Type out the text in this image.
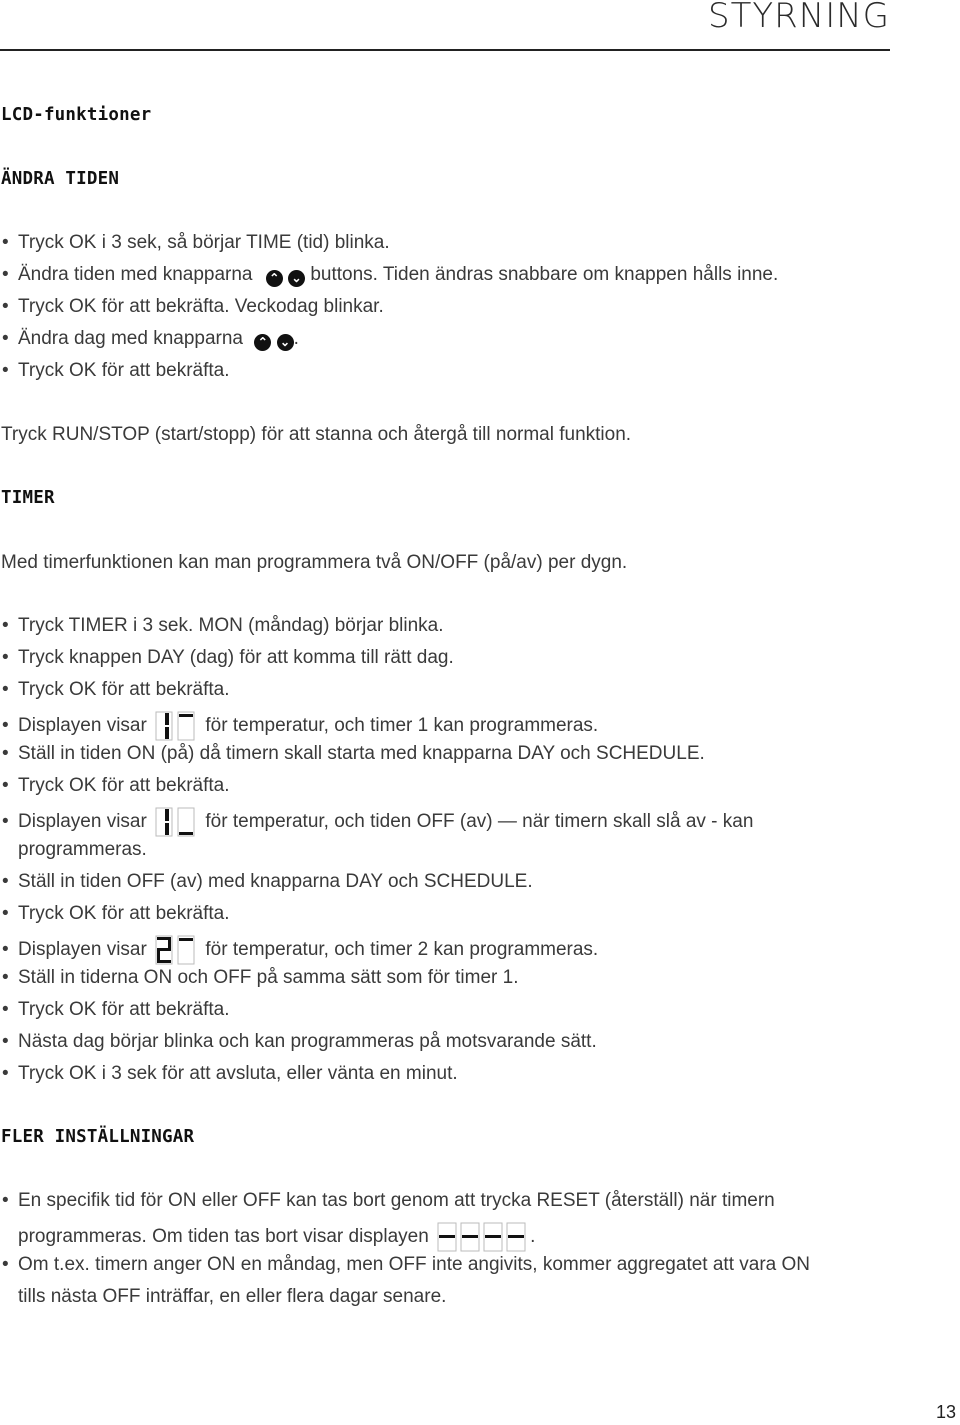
STYRNING
LCD-funktioner
ÄNDRA TIDEN

• Tryck OK i 3 sek, så börjar TIME (tid) blinka.

• Ändra tiden med knapparna ⌃ ⌄ buttons. Tiden ändras snabbare om knappen hålls inne.

• Tryck OK för att bekräfta. Veckodag blinkar.

• Ändra dag med knapparna ⌃ ⌄ .

• Tryck OK för att bekräfta.

Tryck RUN/STOP (start/stopp) för att stanna och återgå till normal funktion.

TIMER

Med timerfunktionen kan man programmera två ON/OFF (på/av) per dygn.

• Tryck TIMER i 3 sek. MON (måndag) börjar blinka.

• Tryck knappen DAY (dag) för att komma till rätt dag.

• Tryck OK för att bekräfta.

• Displayen visar	för temperatur, och timer 1 kan programmeras.

• Ställ in tiden ON (på) då timern skall starta med knapparna DAY och SCHEDULE.

• Tryck OK för att bekräfta.

• Displayen visar	för temperatur, och tiden OFF (av) — när timern skall slå av - kan

programmeras.

• Ställ in tiden OFF (av) med knapparna DAY och SCHEDULE.

• Tryck OK för att bekräfta.

• Displayen visar	för temperatur, och timer 2 kan programmeras.

• Ställ in tiderna ON och OFF på samma sätt som för timer 1.

• Tryck OK för att bekräfta.

• Nästa dag börjar blinka och kan programmeras på motsvarande sätt.

• Tryck OK i 3 sek för att avsluta, eller vänta en minut.

FLER INSTÄLLNINGAR

• En specifik tid för ON eller OFF kan tas bort genom att trycka RESET (återställ) när timern

programmeras. Om tiden tas bort visar displayen	.

• Om t.ex. timern anger ON en måndag, men OFF inte angivits, kommer aggregatet att vara ON

tills nästa OFF inträffar, en eller flera dagar senare.

13
